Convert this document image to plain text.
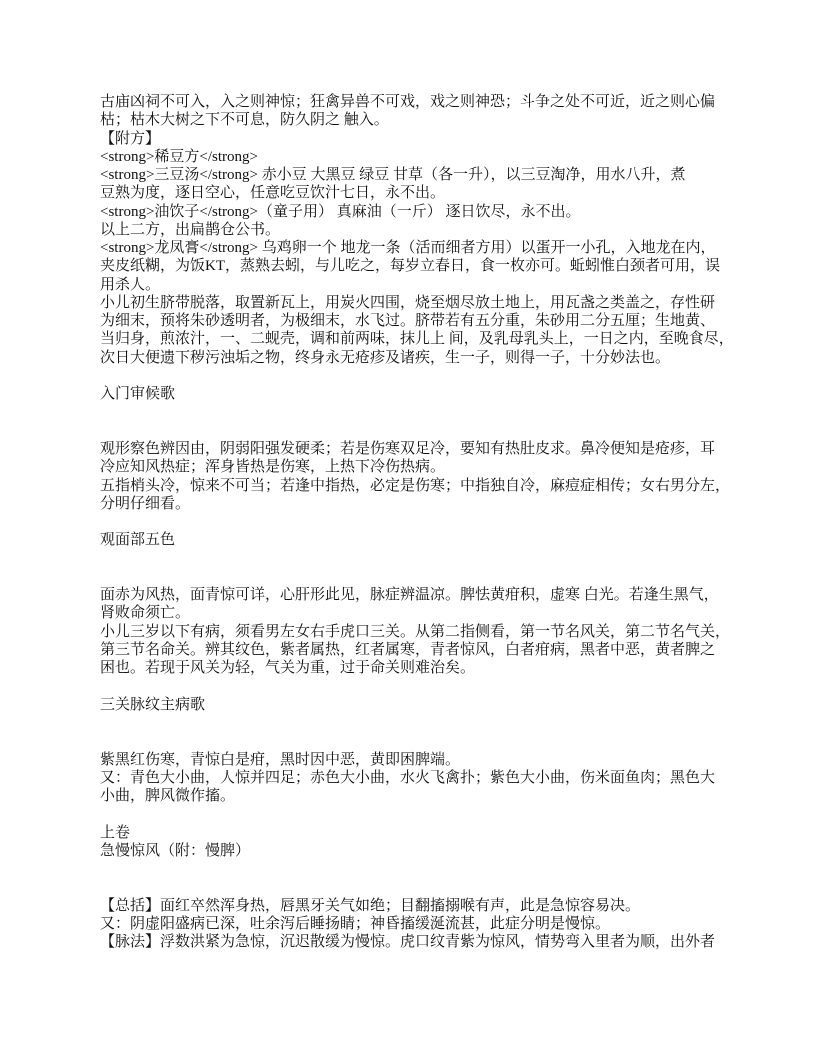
古庙凶祠不可入，入之则神惊；狂禽异兽不可戏，戏之则神恐；斗争之处不可近，近之则心偏
枯；枯木大树之下不可息，防久阴之 触入。
【附方】
<strong>稀豆方</strong>
<strong>三豆汤</strong> 赤小豆 大黑豆 绿豆 甘草（各一升），以三豆淘净，用水八升，煮
豆熟为度，逐日空心，任意吃豆饮汁七日，永不出。
<strong>油饮子</strong>（童子用） 真麻油（一斤） 逐日饮尽，永不出。
以上二方，出扁鹊仓公书。
<strong>龙凤膏</strong> 乌鸡卵一个 地龙一条（活而细者方用）以蛋开一小孔，入地龙在内，
夹皮纸糊，为饭KT，蒸熟去蚓，与儿吃之，每岁立春日，食一枚亦可。蚯蚓惟白颈者可用，误
用杀人。
小儿初生脐带脱落，取置新瓦上，用炭火四围，烧至烟尽放土地上，用瓦盏之类盖之，存性研
为细末，预将朱砂透明者，为极细末，水飞过。脐带若有五分重，朱砂用二分五厘；生地黄、
当归身，煎浓汁，一、二蚬壳，调和前两味，抹儿上 间，及乳母乳头上，一日之内，至晚食尽，
次日大便遗下秽污浊垢之物，终身永无疮疹及诸疾，生一子，则得一子，十分妙法也。
入门审候歌
观形察色辨因由，阴弱阳强发硬柔；若是伤寒双足冷，要知有热肚皮求。鼻冷便知是疮疹，耳
冷应知风热症；浑身皆热是伤寒，上热下冷伤热病。
五指梢头冷，惊来不可当；若逢中指热，必定是伤寒；中指独自冷，麻痘症相传；女右男分左，
分明仔细看。
观面部五色
面赤为风热，面青惊可详，心肝形此见，脉症辨温凉。脾怯黄疳积，虚寒 白光。若逢生黑气，
肾败命须亡。
小儿三岁以下有病，须看男左女右手虎口三关。从第二指侧看，第一节名风关，第二节名气关，
第三节名命关。辨其纹色，紫者属热，红者属寒，青者惊风，白者疳病，黑者中恶，黄者脾之
困也。若现于风关为轻，气关为重，过于命关则难治矣。
三关脉纹主病歌
紫黑红伤寒，青惊白是疳，黑时因中恶，黄即困脾端。
又：青色大小曲，人惊并四足；赤色大小曲，水火飞禽扑；紫色大小曲，伤米面鱼肉；黑色大
小曲，脾风微作搐。
上卷
急慢惊风（附：慢脾）
【总括】面红卒然浑身热，唇黑牙关气如绝；目翻搐搦喉有声，此是急惊容易决。
又：阴虚阳盛病已深，吐余泻后睡扬睛；神昏搐缓涎流甚，此症分明是慢惊。
【脉法】浮数洪紧为急惊，沉迟散缓为慢惊。虎口纹青紫为惊风，情势弯入里者为顺，出外者
